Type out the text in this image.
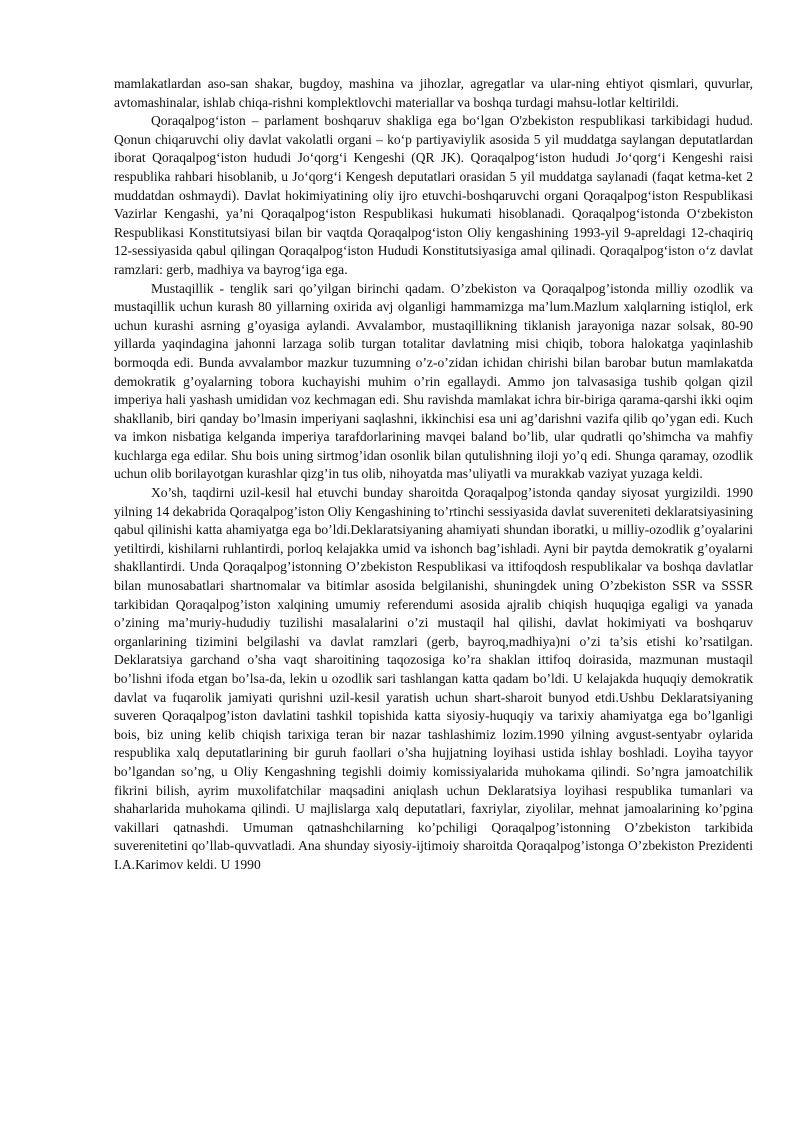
mamlakatlardan aso-san shakar, bugdoy, mashina va jihozlar, agregatlar va ular-ning ehtiyot qismlari, quvurlar, avtomashinalar, ishlab chiqa-rishni komplektlovchi materiallar va boshqa turdagi mahsu-lotlar keltirildi.

Qoraqalpog‘iston – parlament boshqaruv shakliga ega bo‘lgan O'zbekiston respublikasi tarkibidagi hudud. Qonun chiqaruvchi oliy davlat vakolatli organi – ko‘p partiyaviylik asosida 5 yil muddatga saylangan deputatlardan iborat Qoraqalpog‘iston hududi Jo‘qorg‘i Kengeshi (QR JK). Qoraqalpog‘iston hududi Jo‘qorg‘i Kengeshi raisi respublika rahbari hisoblanib, u Jo‘qorg‘i Kengesh deputatlari orasidan 5 yil muddatga saylanadi (faqat ketma-ket 2 muddatdan oshmaydi). Davlat hokimiyatining oliy ijro etuvchi-boshqaruvchi organi Qoraqalpog‘iston Respublikasi Vazirlar Kengashi, ya’ni Qoraqalpog‘iston Respublikasi hukumati hisoblanadi. Qoraqalpog‘istonda O‘zbekiston Respublikasi Konstitutsiyasi bilan bir vaqtda Qoraqalpog‘iston Oliy kengashining 1993-yil 9-apreldagi 12-chaqiriq 12-sessiyasida qabul qilingan Qoraqalpog‘iston Hududi Konstitutsiyasiga amal qilinadi. Qoraqalpog‘iston o‘z davlat ramzlari: gerb, madhiya va bayrog‘iga ega.

Mustaqillik - tenglik sari qo’yilgan birinchi qadam. O’zbekiston va Qoraqalpog’istonda milliy ozodlik va mustaqillik uchun kurash 80 yillarning oxirida avj olganligi hammamizga ma’lum.Mazlum xalqlarning istiqlol, erk uchun kurashi asrning g’oyasiga aylandi. Avvalambor, mustaqillikning tiklanish jarayoniga nazar solsak, 80-90 yillarda yaqindagina jahonni larzaga solib turgan totalitar davlatning misi chiqib, tobora halokatga yaqinlashib bormoqda edi. Bunda avvalambor mazkur tuzumning o’z-o’zidan ichidan chirishi bilan barobar butun mamlakatda demokratik g’oyalarning tobora kuchayishi muhim o’rin egallaydi. Ammo jon talvasasiga tushib qolgan qizil imperiya hali yashash umididan voz kechmagan edi. Shu ravishda mamlakat ichra bir-biriga qarama-qarshi ikki oqim shakllanib, biri qanday bo’lmasin imperiyani saqlashni, ikkinchisi esa uni ag’darishni vazifa qilib qo’ygan edi. Kuch va imkon nisbatiga kelganda imperiya tarafdorlarining mavqei baland bo’lib, ular qudratli qo’shimcha va mahfiy kuchlarga ega edilar. Shu bois uning sirtmog’idan osonlik bilan qutulishning iloji yo’q edi. Shunga qaramay, ozodlik uchun olib borilayotgan kurashlar qizg’in tus olib, nihoyatda mas’uliyatli va murakkab vaziyat yuzaga keldi.

Xo’sh, taqdirni uzil-kesil hal etuvchi bunday sharoitda Qoraqalpog’istonda qanday siyosat yurgizildi. 1990 yilning 14 dekabrida Qoraqalpog’iston Oliy Kengashining to’rtinchi sessiyasida davlat suvereniteti deklaratsiyasining qabul qilinishi katta ahamiyatga ega bo’ldi.Deklaratsiyaning ahamiyati shundan iboratki, u milliy-ozodlik g’oyalarini yetiltirdi, kishilarni ruhlantirdi, porloq kelajakka umid va ishonch bag’ishladi. Ayni bir paytda demokratik g’oyalarni shakllantirdi. Unda Qoraqalpog’istonning O’zbekiston Respublikasi va ittifoqdosh respublikalar va boshqa davlatlar bilan munosabatlari shartnomalar va bitimlar asosida belgilanishi, shuningdek uning O’zbekiston SSR va SSSR tarkibidan Qoraqalpog’iston xalqining umumiy referendumi asosida ajralib chiqish huquqiga egaligi va yanada o’zining ma’muriy-hududiy tuzilishi masalalarini o’zi mustaqil hal qilishi, davlat hokimiyati va boshqaruv organlarining tizimini belgilashi va davlat ramzlari (gerb, bayroq,madhiya)ni o’zi ta’sis etishi ko’rsatilgan. Deklaratsiya garchand o’sha vaqt sharoitining taqozosiga ko’ra shaklan ittifoq doirasida, mazmunan mustaqil bo’lishni ifoda etgan bo’lsa-da, lekin u ozodlik sari tashlangan katta qadam bo’ldi. U kelajakda huquqiy demokratik davlat va fuqarolik jamiyati qurishni uzil-kesil yaratish uchun shart-sharoit bunyod etdi.Ushbu Deklaratsiyaning suveren Qoraqalpog’iston davlatini tashkil topishida katta siyosiy-huquqiy va tarixiy ahamiyatga ega bo’lganligi bois, biz uning kelib chiqish tarixiga teran bir nazar tashlashimiz lozim.1990 yilning avgust-sentyabr oylarida respublika xalq deputatlarining bir guruh faollari o’sha hujjatning loyihasi ustida ishlay boshladi. Loyiha tayyor bo’lgandan so’ng, u Oliy Kengashning tegishli doimiy komissiyalarida muhokama qilindi. So’ngra jamoatchilik fikrini bilish, ayrim muxolifatchilar maqsadini aniqlash uchun Deklaratsiya loyihasi respublika tumanlari va shaharlarida muhokama qilindi. U majlislarga xalq deputatlari, faxriylar, ziyolilar, mehnat jamoalarining ko’pgina vakillari qatnashdi. Umuman qatnashchilarning ko’pchiligi Qoraqalpog’istonning O’zbekiston tarkibida suverenitetini qo’llab-quvvatladi. Ana shunday siyosiy-ijtimoiy sharoitda Qoraqalpog’istonga O’zbekiston Prezidenti I.A.Karimov keldi. U 1990
